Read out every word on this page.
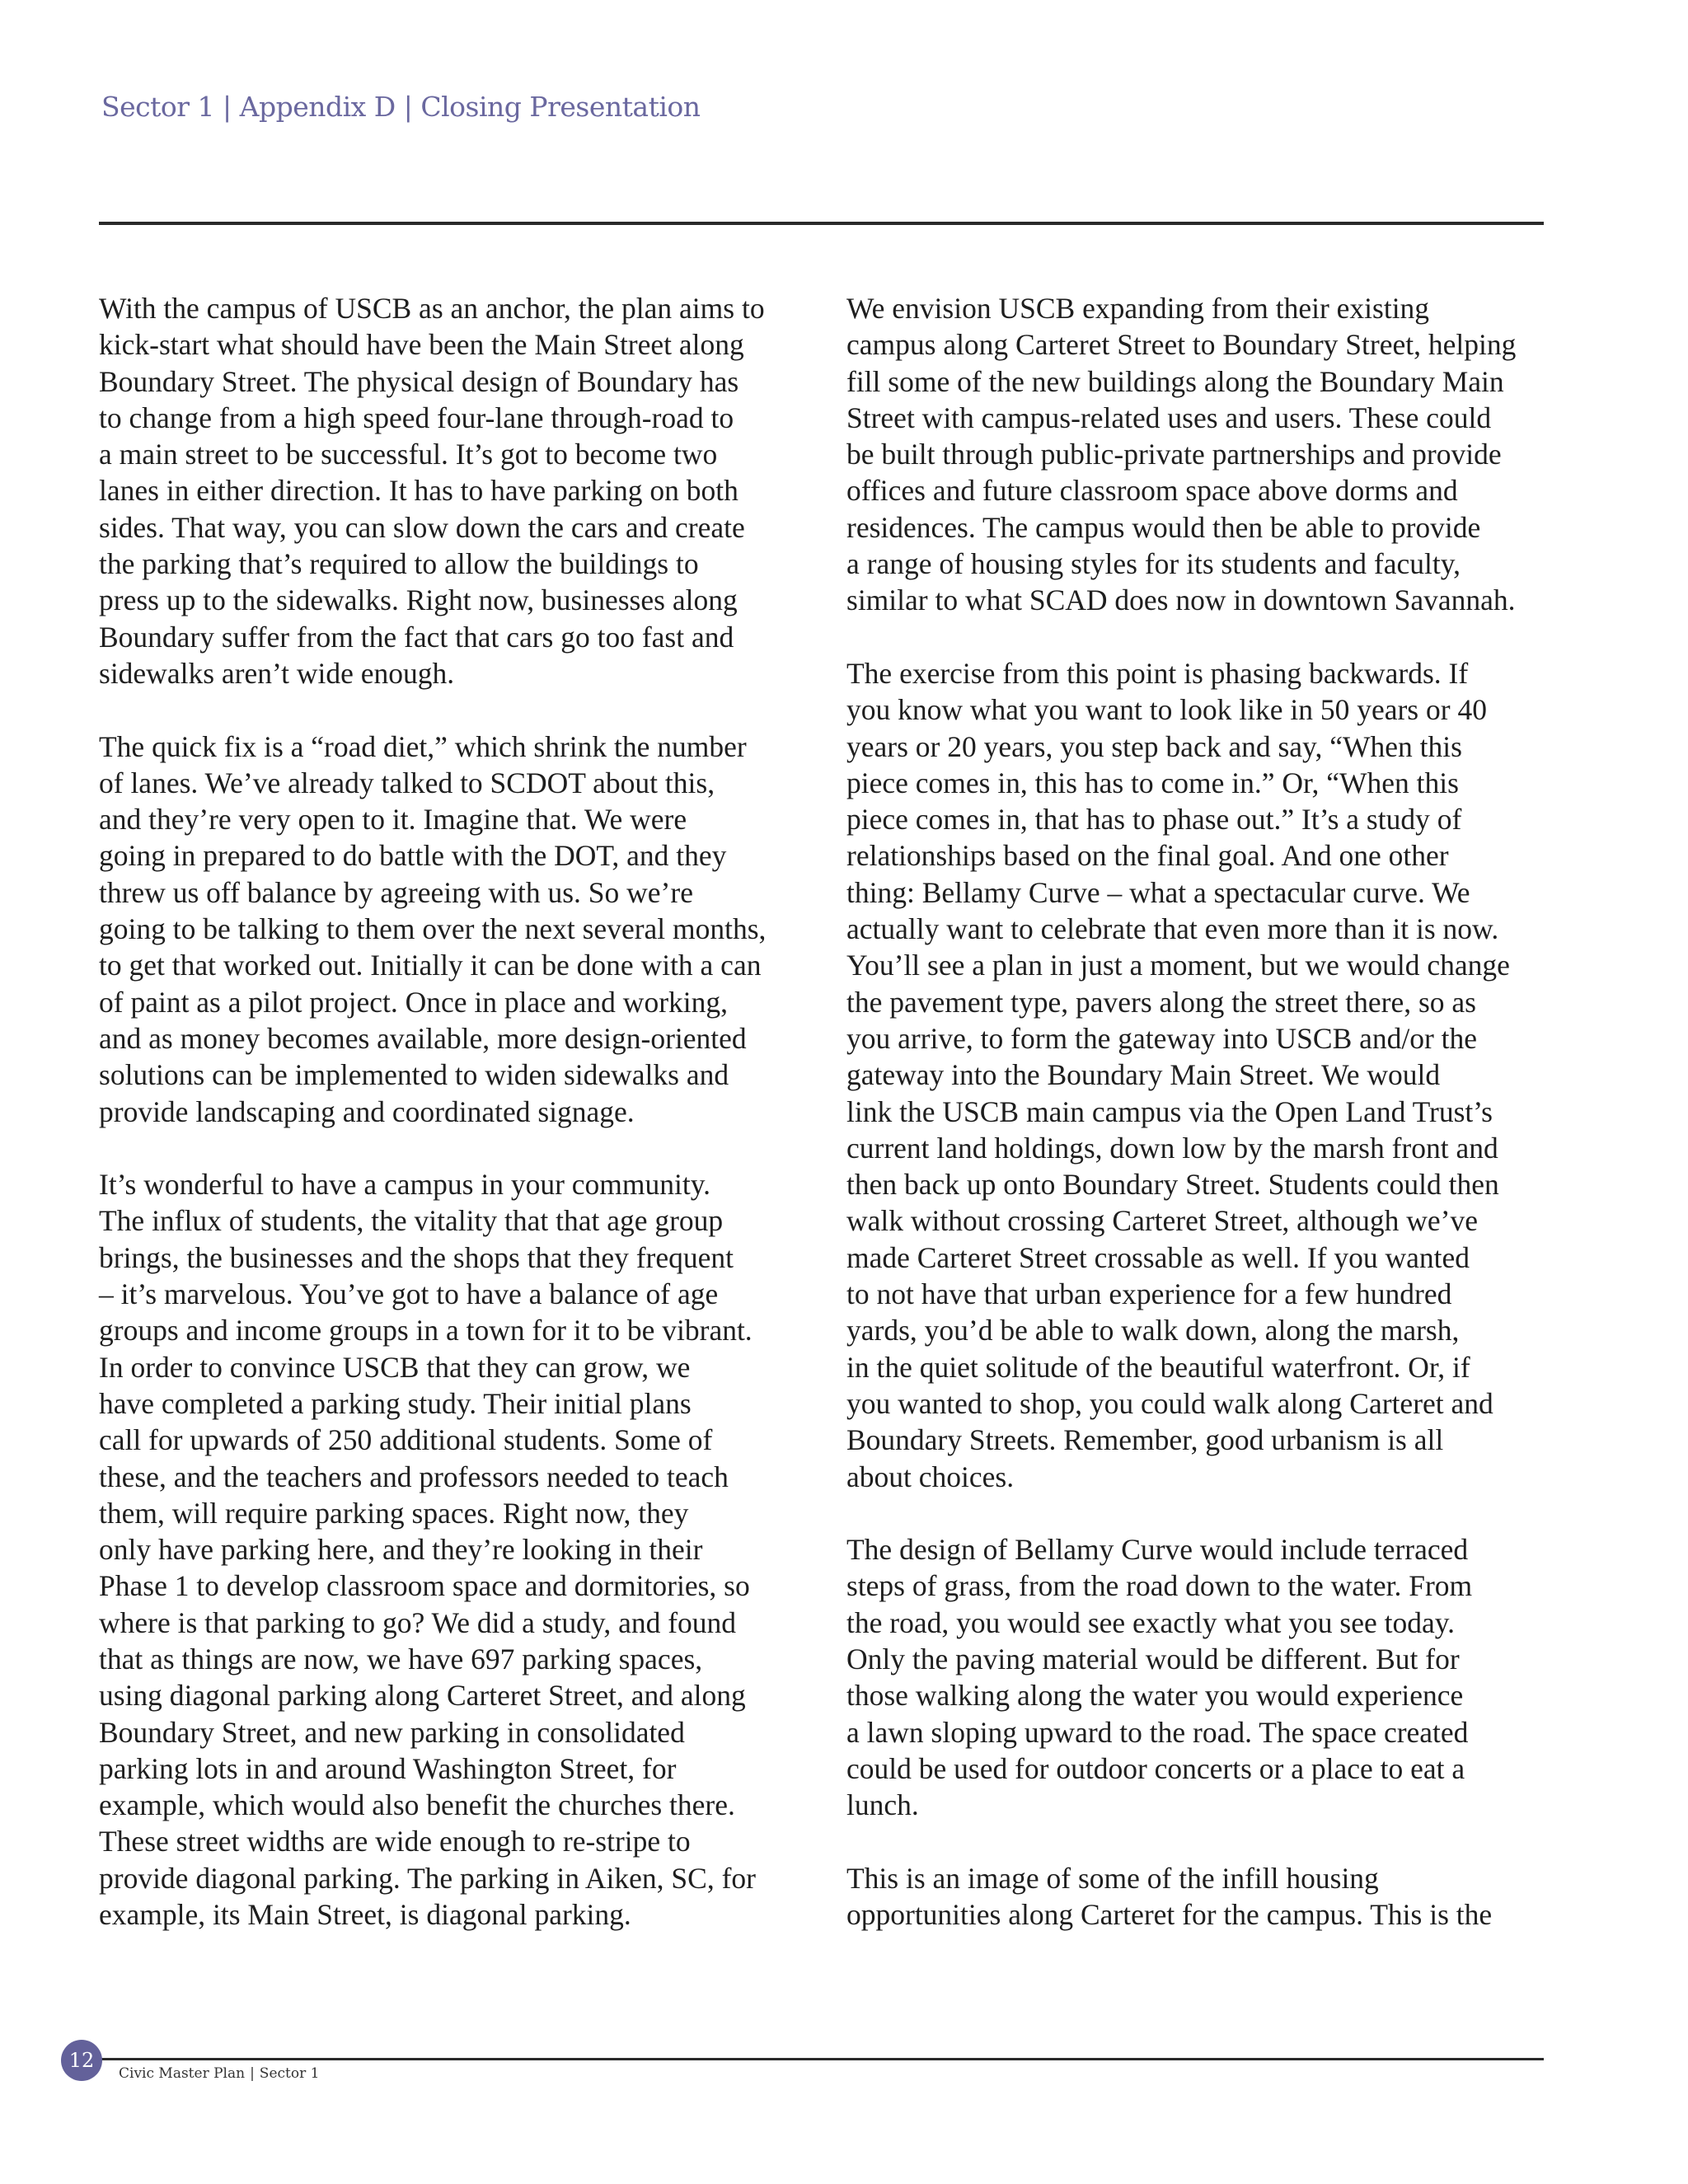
Sector 1 | Appendix D | Closing Presentation

With the campus of USCB as an anchor, the plan aims to
kick-start what should have been the Main Street along
Boundary Street. The physical design of Boundary has
to change from a high speed four-lane through-road to
a main street to be successful. It’s got to become two
lanes in either direction. It has to have parking on both
sides. That way, you can slow down the cars and create
the parking that’s required to allow the buildings to
press up to the sidewalks. Right now, businesses along
Boundary suffer from the fact that cars go too fast and
sidewalks aren’t wide enough.

The quick fix is a “road diet,” which shrink the number
of lanes. We’ve already talked to SCDOT about this,
and they’re very open to it. Imagine that. We were
going in prepared to do battle with the DOT, and they
threw us off balance by agreeing with us. So we’re
going to be talking to them over the next several months,
to get that worked out. Initially it can be done with a can
of paint as a pilot project. Once in place and working,
and as money becomes available, more design-oriented
solutions can be implemented to widen sidewalks and
provide landscaping and coordinated signage.

It’s wonderful to have a campus in your community.
The influx of students, the vitality that that age group
brings, the businesses and the shops that they frequent
– it’s marvelous. You’ve got to have a balance of age
groups and income groups in a town for it to be vibrant.
In order to convince USCB that they can grow, we
have completed a parking study. Their initial plans
call for upwards of 250 additional students. Some of
these, and the teachers and professors needed to teach
them, will require parking spaces. Right now, they
only have parking here, and they’re looking in their
Phase 1 to develop classroom space and dormitories, so
where is that parking to go? We did a study, and found
that as things are now, we have 697 parking spaces,
using diagonal parking along Carteret Street, and along
Boundary Street, and new parking in consolidated
parking lots in and around Washington Street, for
example, which would also benefit the churches there.
These street widths are wide enough to re-stripe to
provide diagonal parking. The parking in Aiken, SC, for
example, its Main Street, is diagonal parking.

We envision USCB expanding from their existing
campus along Carteret Street to Boundary Street, helping
fill some of the new buildings along the Boundary Main
Street with campus-related uses and users. These could
be built through public-private partnerships and provide
offices and future classroom space above dorms and
residences. The campus would then be able to provide
a range of housing styles for its students and faculty,
similar to what SCAD does now in downtown Savannah.

The exercise from this point is phasing backwards. If
you know what you want to look like in 50 years or 40
years or 20 years, you step back and say, “When this
piece comes in, this has to come in.” Or, “When this
piece comes in, that has to phase out.” It’s a study of
relationships based on the final goal. And one other
thing: Bellamy Curve – what a spectacular curve. We
actually want to celebrate that even more than it is now.
You’ll see a plan in just a moment, but we would change
the pavement type, pavers along the street there, so as
you arrive, to form the gateway into USCB and/or the
gateway into the Boundary Main Street. We would
link the USCB main campus via the Open Land Trust’s
current land holdings, down low by the marsh front and
then back up onto Boundary Street. Students could then
walk without crossing Carteret Street, although we’ve
made Carteret Street crossable as well. If you wanted
to not have that urban experience for a few hundred
yards, you’d be able to walk down, along the marsh,
in the quiet solitude of the beautiful waterfront. Or, if
you wanted to shop, you could walk along Carteret and
Boundary Streets. Remember, good urbanism is all
about choices.

The design of Bellamy Curve would include terraced
steps of grass, from the road down to the water. From
the road, you would see exactly what you see today.
Only the paving material would be different. But for
those walking along the water you would experience
a lawn sloping upward to the road. The space created
could be used for outdoor concerts or a place to eat a
lunch.

This is an image of some of the infill housing
opportunities along Carteret for the campus. This is the

12
Civic Master Plan | Sector 1
